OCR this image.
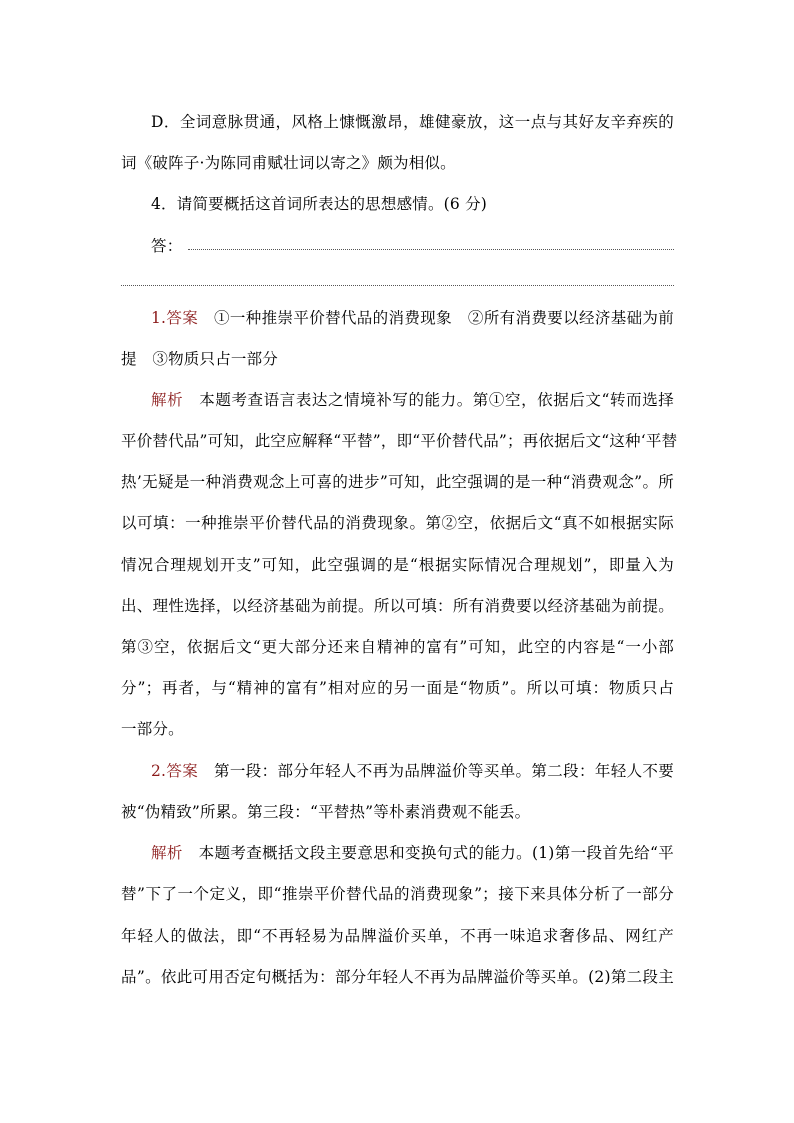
D．全词意脉贯通，风格上慷慨激昂，雄健豪放，这一点与其好友辛弃疾的
词《破阵子·为陈同甫赋壮词以寄之》颇为相似。
4．请简要概括这首词所表达的思想感情。(6 分)
答：
1.答案　 ①一种推崇平价替代品的消费现象　②所有消费要以经济基础为前
提　③物质只占一部分
解析　 本题考查语言表达之情境补写的能力。第①空，依据后文“转而选择
平价替代品”可知，此空应解释“平替”，即“平价替代品”；再依据后文“这种‘平替
热’无疑是一种消费观念上可喜的进步”可知，此空强调的是一种“消费观念”。所
以可填：一种推崇平价替代品的消费现象。第②空，依据后文“真不如根据实际
情况合理规划开支”可知，此空强调的是“根据实际情况合理规划”，即量入为
出、理性选择，以经济基础为前提。所以可填：所有消费要以经济基础为前提。
第③空，依据后文“更大部分还来自精神的富有”可知，此空的内容是“一小部
分”；再者，与“精神的富有”相对应的另一面是“物质”。所以可填：物质只占
一部分。
2.答案　 第一段：部分年轻人不再为品牌溢价等买单。第二段：年轻人不要
被“伪精致”所累。第三段：“平替热”等朴素消费观不能丢。
解析　 本题考查概括文段主要意思和变换句式的能力。(1)第一段首先给“平
替”下了一个定义，即“推崇平价替代品的消费现象”；接下来具体分析了一部分
年轻人的做法，即“不再轻易为品牌溢价买单，不再一味追求奢侈品、网红产
品”。依此可用否定句概括为：部分年轻人不再为品牌溢价等买单。(2)第二段主
